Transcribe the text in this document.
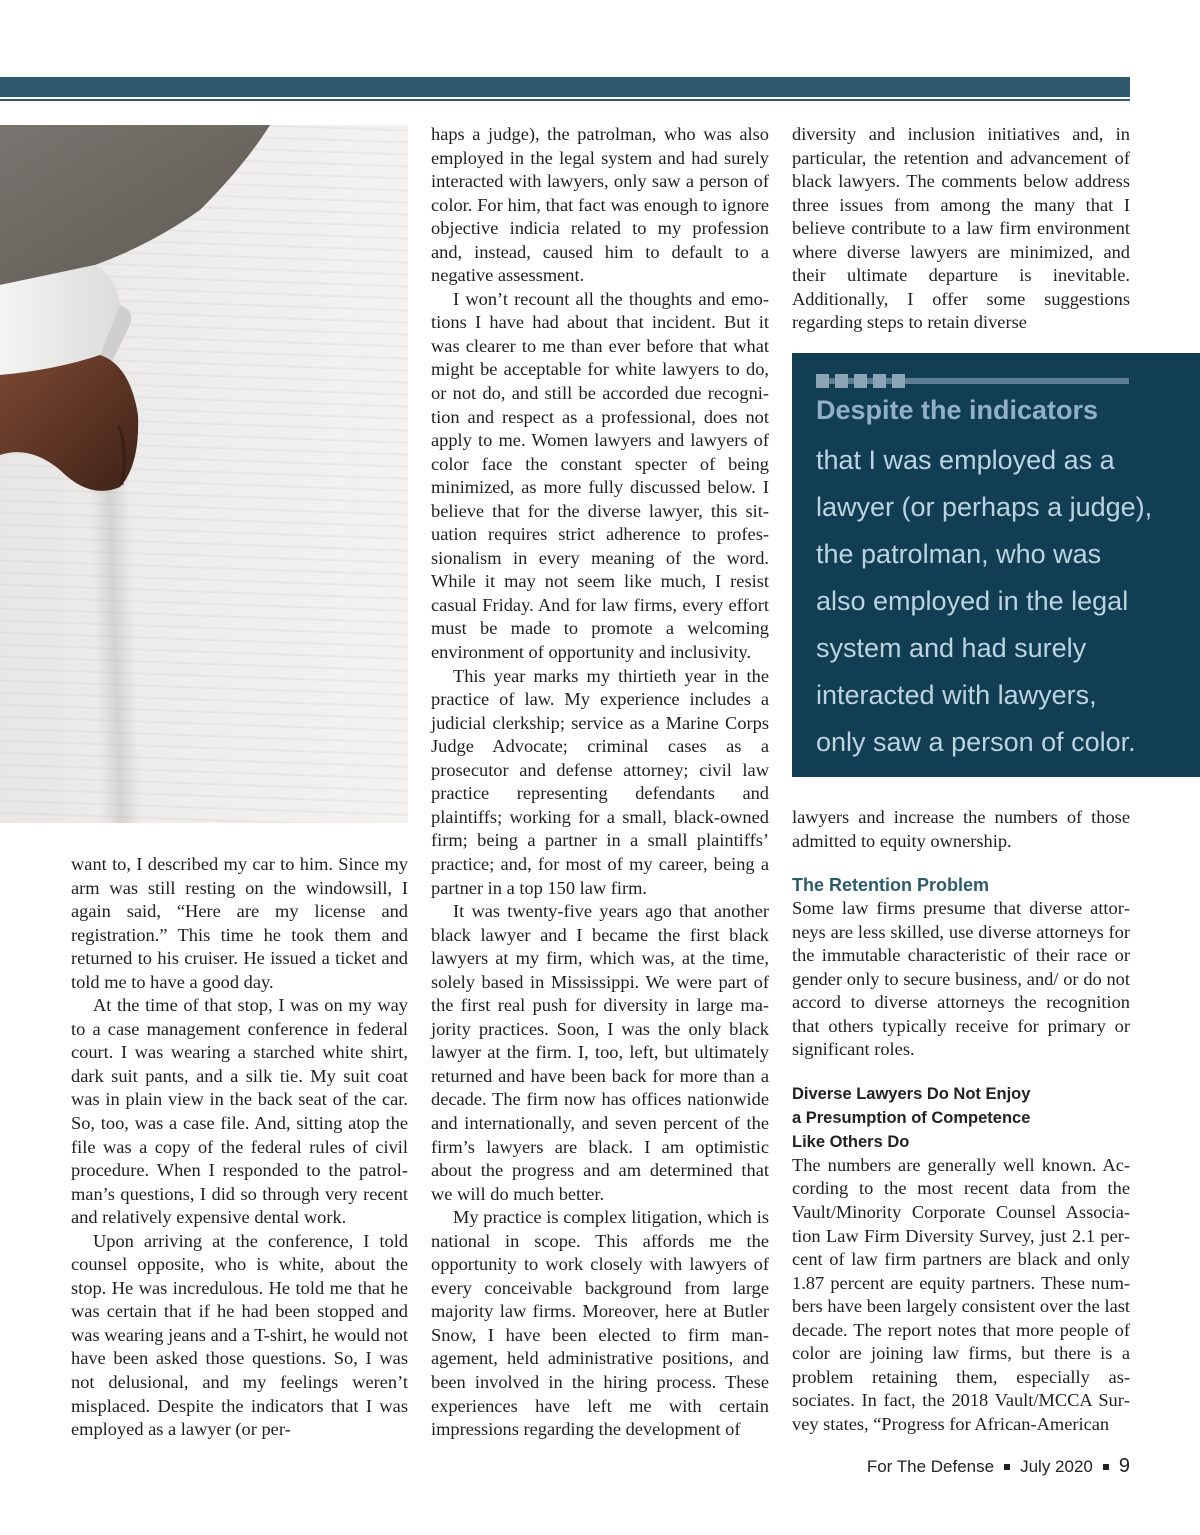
want to, I described my car to him. Since my arm was still resting on the windowsill, I again said, “Here are my license and registration.” This time he took them and returned to his cruiser. He issued a ticket and told me to have a good day.

At the time of that stop, I was on my way to a case management conference in federal court. I was wearing a starched white shirt, dark suit pants, and a silk tie. My suit coat was in plain view in the back seat of the car. So, too, was a case file. And, sitting atop the file was a copy of the federal rules of civil procedure. When I responded to the patrolman’s questions, I did so through very recent and relatively expensive dental work.

Upon arriving at the conference, I told counsel opposite, who is white, about the stop. He was incredulous. He told me that he was certain that if he had been stopped and was wearing jeans and a T-shirt, he would not have been asked those questions. So, I was not delusional, and my feelings weren’t misplaced. Despite the indicators that I was employed as a lawyer (or per-

haps a judge), the patrolman, who was also employed in the legal system and had surely interacted with lawyers, only saw a person of color. For him, that fact was enough to ignore objective indicia related to my profession and, instead, caused him to default to a negative assessment.

I won’t recount all the thoughts and emotions I have had about that incident. But it was clearer to me than ever before that what might be acceptable for white lawyers to do, or not do, and still be accorded due recognition and respect as a professional, does not apply to me. Women lawyers and lawyers of color face the constant specter of being minimized, as more fully discussed below. I believe that for the diverse lawyer, this situation requires strict adherence to professionalism in every meaning of the word. While it may not seem like much, I resist casual Friday. And for law firms, every effort must be made to promote a welcoming environment of opportunity and inclusivity.

This year marks my thirtieth year in the practice of law. My experience includes a judicial clerkship; service as a Marine Corps Judge Advocate; criminal cases as a prosecutor and defense attorney; civil law practice representing defendants and plaintiffs; working for a small, black-owned firm; being a partner in a small plaintiffs’ practice; and, for most of my career, being a partner in a top 150 law firm.

It was twenty-five years ago that another black lawyer and I became the first black lawyers at my firm, which was, at the time, solely based in Mississippi. We were part of the first real push for diversity in large majority practices. Soon, I was the only black lawyer at the firm. I, too, left, but ultimately returned and have been back for more than a decade. The firm now has offices nationwide and internationally, and seven percent of the firm’s lawyers are black. I am optimistic about the progress and am determined that we will do much better.

My practice is complex litigation, which is national in scope. This affords me the opportunity to work closely with lawyers of every conceivable background from large majority law firms. Moreover, here at Butler Snow, I have been elected to firm management, held administrative positions, and been involved in the hiring process. These experiences have left me with certain impressions regarding the development of

diversity and inclusion initiatives and, in particular, the retention and advancement of black lawyers. The comments below address three issues from among the many that I believe contribute to a law firm environment where diverse lawyers are minimized, and their ultimate departure is inevitable. Additionally, I offer some suggestions regarding steps to retain diverse

Despite the indicators
that I was employed as a
lawyer (or perhaps a judge),
the patrolman, who was
also employed in the legal
system and had surely
interacted with lawyers,
only saw a person of color.

lawyers and increase the numbers of those admitted to equity ownership.

The Retention Problem

Some law firms presume that diverse attorneys are less skilled, use diverse attorneys for the immutable characteristic of their race or gender only to secure business, and/ or do not accord to diverse attorneys the recognition that others typically receive for primary or significant roles.

Diverse Lawyers Do Not Enjoy
a Presumption of Competence
Like Others Do

The numbers are generally well known. According to the most recent data from the Vault/Minority Corporate Counsel Association Law Firm Diversity Survey, just 2.1 percent of law firm partners are black and only 1.87 percent are equity partners. These numbers have been largely consistent over the last decade. The report notes that more people of color are joining law firms, but there is a problem retaining them, especially associates. In fact, the 2018 Vault/MCCA Survey states, “Progress for African-American

For The Defense July 2020 9
